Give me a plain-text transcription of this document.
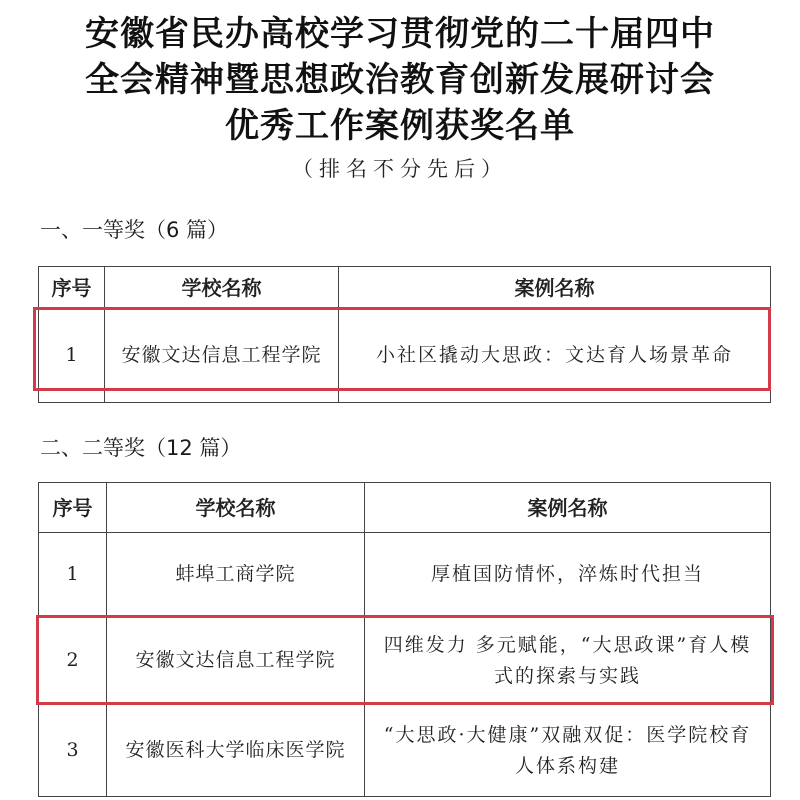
安徽省民办高校学习贯彻党的二十届四中
全会精神暨思想政治教育创新发展研讨会
优秀工作案例获奖名单
（排名不分先后）
一、一等奖（6 篇）
序号	学校名称	案例名称
1	安徽文达信息工程学院	小社区撬动大思政：文达育人场景革命
二、二等奖（12 篇）
序号	学校名称	案例名称
1	蚌埠工商学院	厚植国防情怀，淬炼时代担当
2	安徽文达信息工程学院	四维发力 多元赋能，“大思政课”育人模式的探索与实践
3	安徽医科大学临床医学院	“大思政·大健康”双融双促：医学院校育人体系构建
